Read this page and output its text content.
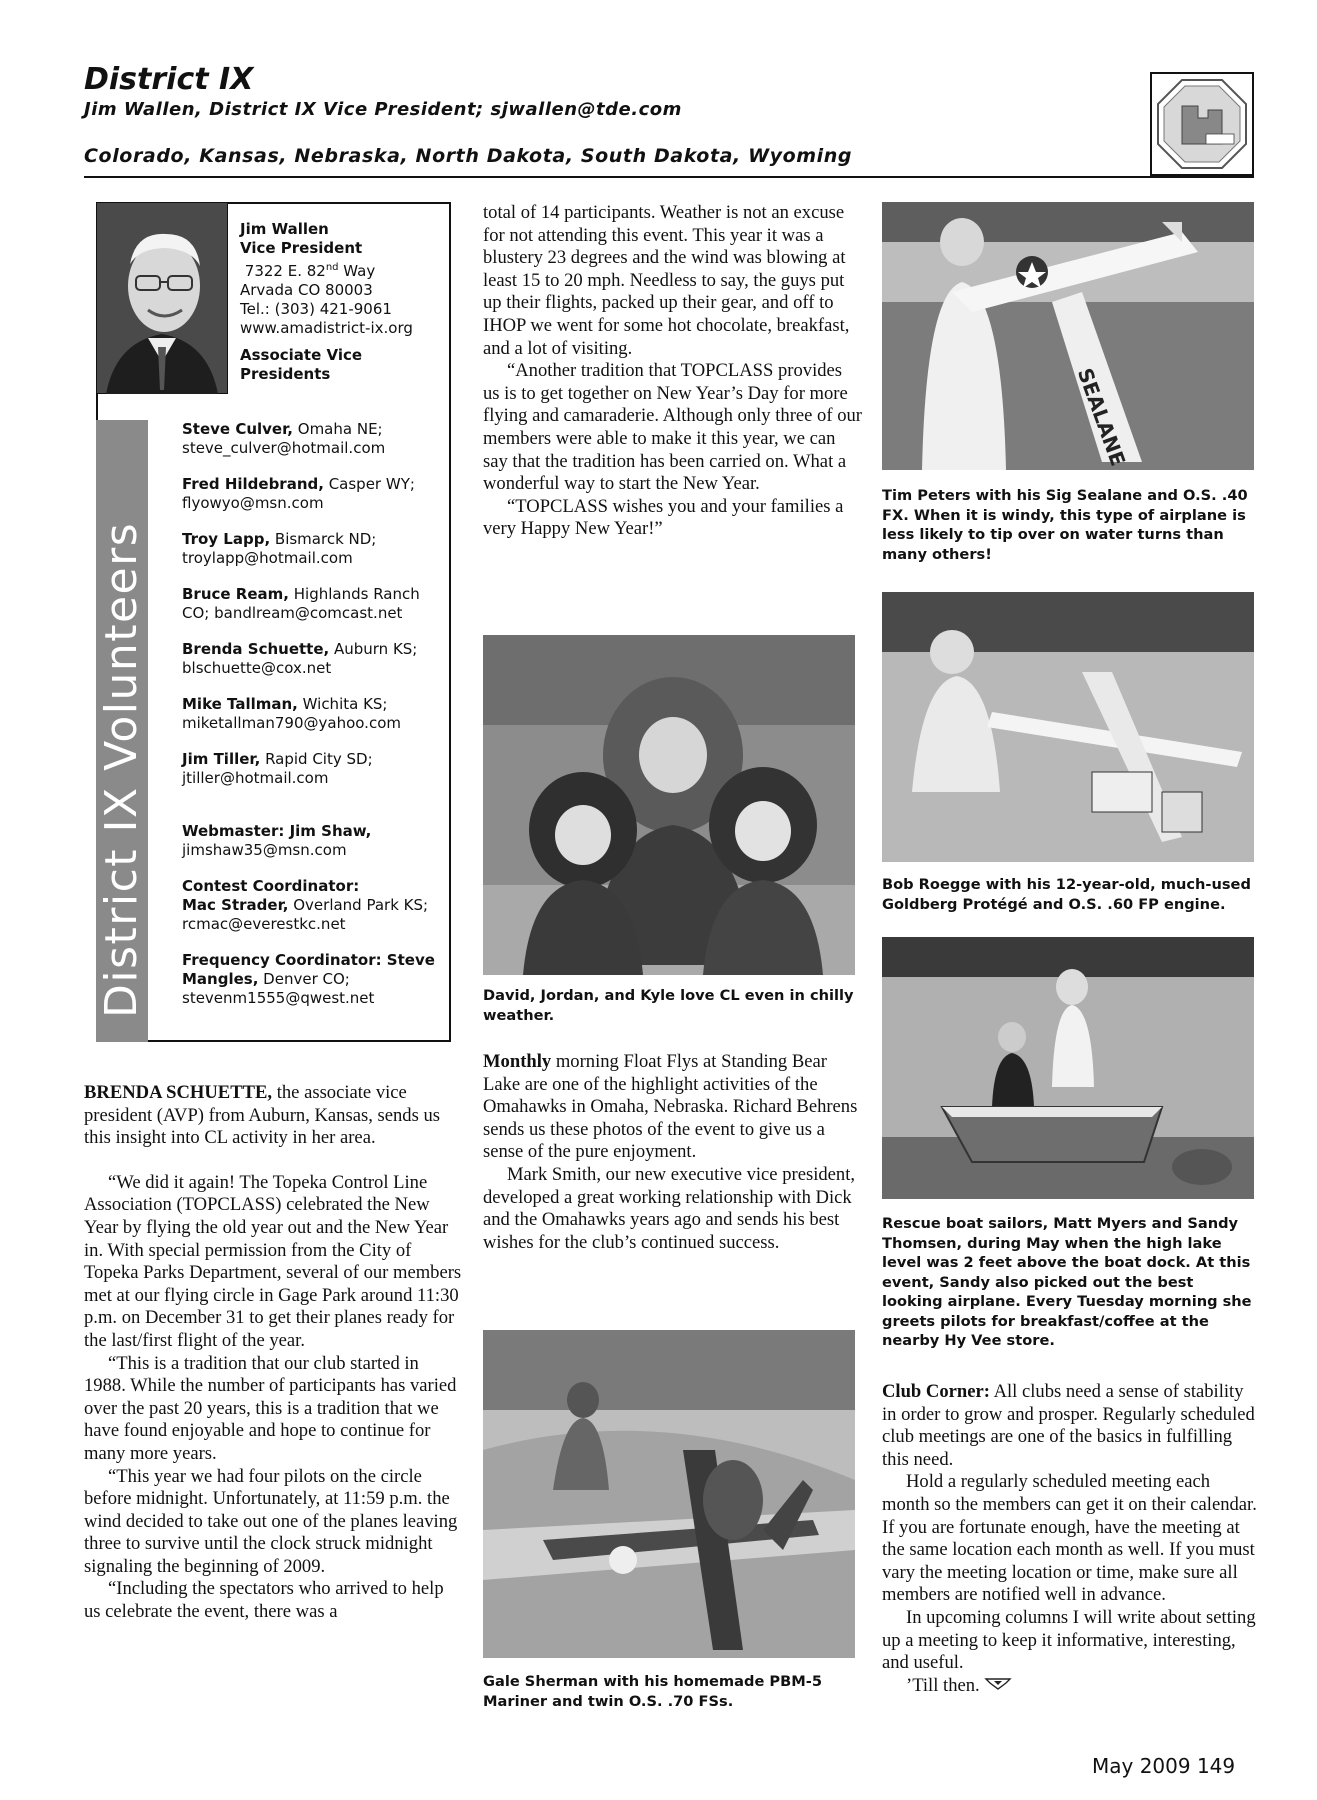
District IX
Jim Wallen, District IX Vice President; sjwallen@tde.com
Colorado, Kansas, Nebraska, North Dakota, South Dakota, Wyoming
District IX Volunteers
Jim Wallen
Vice President
7322 E. 82nd Way
Arvada CO 80003
Tel.: (303) 421-9061
www.amadistrict-ix.org
Associate Vice
Presidents
Steve Culver, Omaha NE;
steve_culver@hotmail.com
Fred Hildebrand, Casper WY;
flyowyo@msn.com
Troy Lapp, Bismarck ND;
troylapp@hotmail.com
Bruce Ream, Highlands Ranch
CO; bandlream@comcast.net
Brenda Schuette, Auburn KS;
blschuette@cox.net
Mike Tallman, Wichita KS;
miketallman790@yahoo.com
Jim Tiller, Rapid City SD;
jtiller@hotmail.com
Webmaster: Jim Shaw,
jimshaw35@msn.com
Contest Coordinator:
Mac Strader, Overland Park KS;
rcmac@everestkc.net
Frequency Coordinator: Steve
Mangles, Denver CO;
stevenm1555@qwest.net

BRENDA SCHUETTE, the associate vice president (AVP) from Auburn, Kansas, sends us this insight into CL activity in her area.

“We did it again! The Topeka Control Line Association (TOPCLASS) celebrated the New Year by flying the old year out and the New Year in. With special permission from the City of Topeka Parks Department, several of our members met at our flying circle in Gage Park around 11:30 p.m. on December 31 to get their planes ready for the last/first flight of the year.

“This is a tradition that our club started in 1988. While the number of participants has varied over the past 20 years, this is a tradition that we have found enjoyable and hope to continue for many more years.

“This year we had four pilots on the circle before midnight. Unfortunately, at 11:59 p.m. the wind decided to take out one of the planes leaving three to survive until the clock struck midnight signaling the beginning of 2009.

“Including the spectators who arrived to help us celebrate the event, there was a

total of 14 participants. Weather is not an excuse for not attending this event. This year it was a blustery 23 degrees and the wind was blowing at least 15 to 20 mph. Needless to say, the guys put up their flights, packed up their gear, and off to IHOP we went for some hot chocolate, breakfast, and a lot of visiting.

“Another tradition that TOPCLASS provides us is to get together on New Year’s Day for more flying and camaraderie. Although only three of our members were able to make it this year, we can say that the tradition has been carried on. What a wonderful way to start the New Year.

“TOPCLASS wishes you and your families a very Happy New Year!”

David, Jordan, and Kyle love CL even in chilly weather.

Monthly morning Float Flys at Standing Bear Lake are one of the highlight activities of the Omahawks in Omaha, Nebraska. Richard Behrens sends us these photos of the event to give us a sense of the pure enjoyment.

Mark Smith, our new executive vice president, developed a great working relationship with Dick and the Omahawks years ago and sends his best wishes for the club’s continued success.

Gale Sherman with his homemade PBM-5 Mariner and twin O.S. .70 FSs.
SEALANE
Tim Peters with his Sig Sealane and O.S. .40 FX. When it is windy, this type of airplane is less likely to tip over on water turns than many others!
Bob Roegge with his 12-year-old, much-used Goldberg Protégé and O.S. .60 FP engine.
Rescue boat sailors, Matt Myers and Sandy Thomsen, during May when the high lake level was 2 feet above the boat dock. At this event, Sandy also picked out the best looking airplane. Every Tuesday morning she greets pilots for breakfast/coffee at the nearby Hy Vee store.

Club Corner: All clubs need a sense of stability in order to grow and prosper. Regularly scheduled club meetings are one of the basics in fulfilling this need.

Hold a regularly scheduled meeting each month so the members can get it on their calendar. If you are fortunate enough, have the meeting at the same location each month as well. If you must vary the meeting location or time, make sure all members are notified well in advance.

In upcoming columns I will write about setting up a meeting to keep it informative, interesting, and useful.

’Till then.

May 2009 149
